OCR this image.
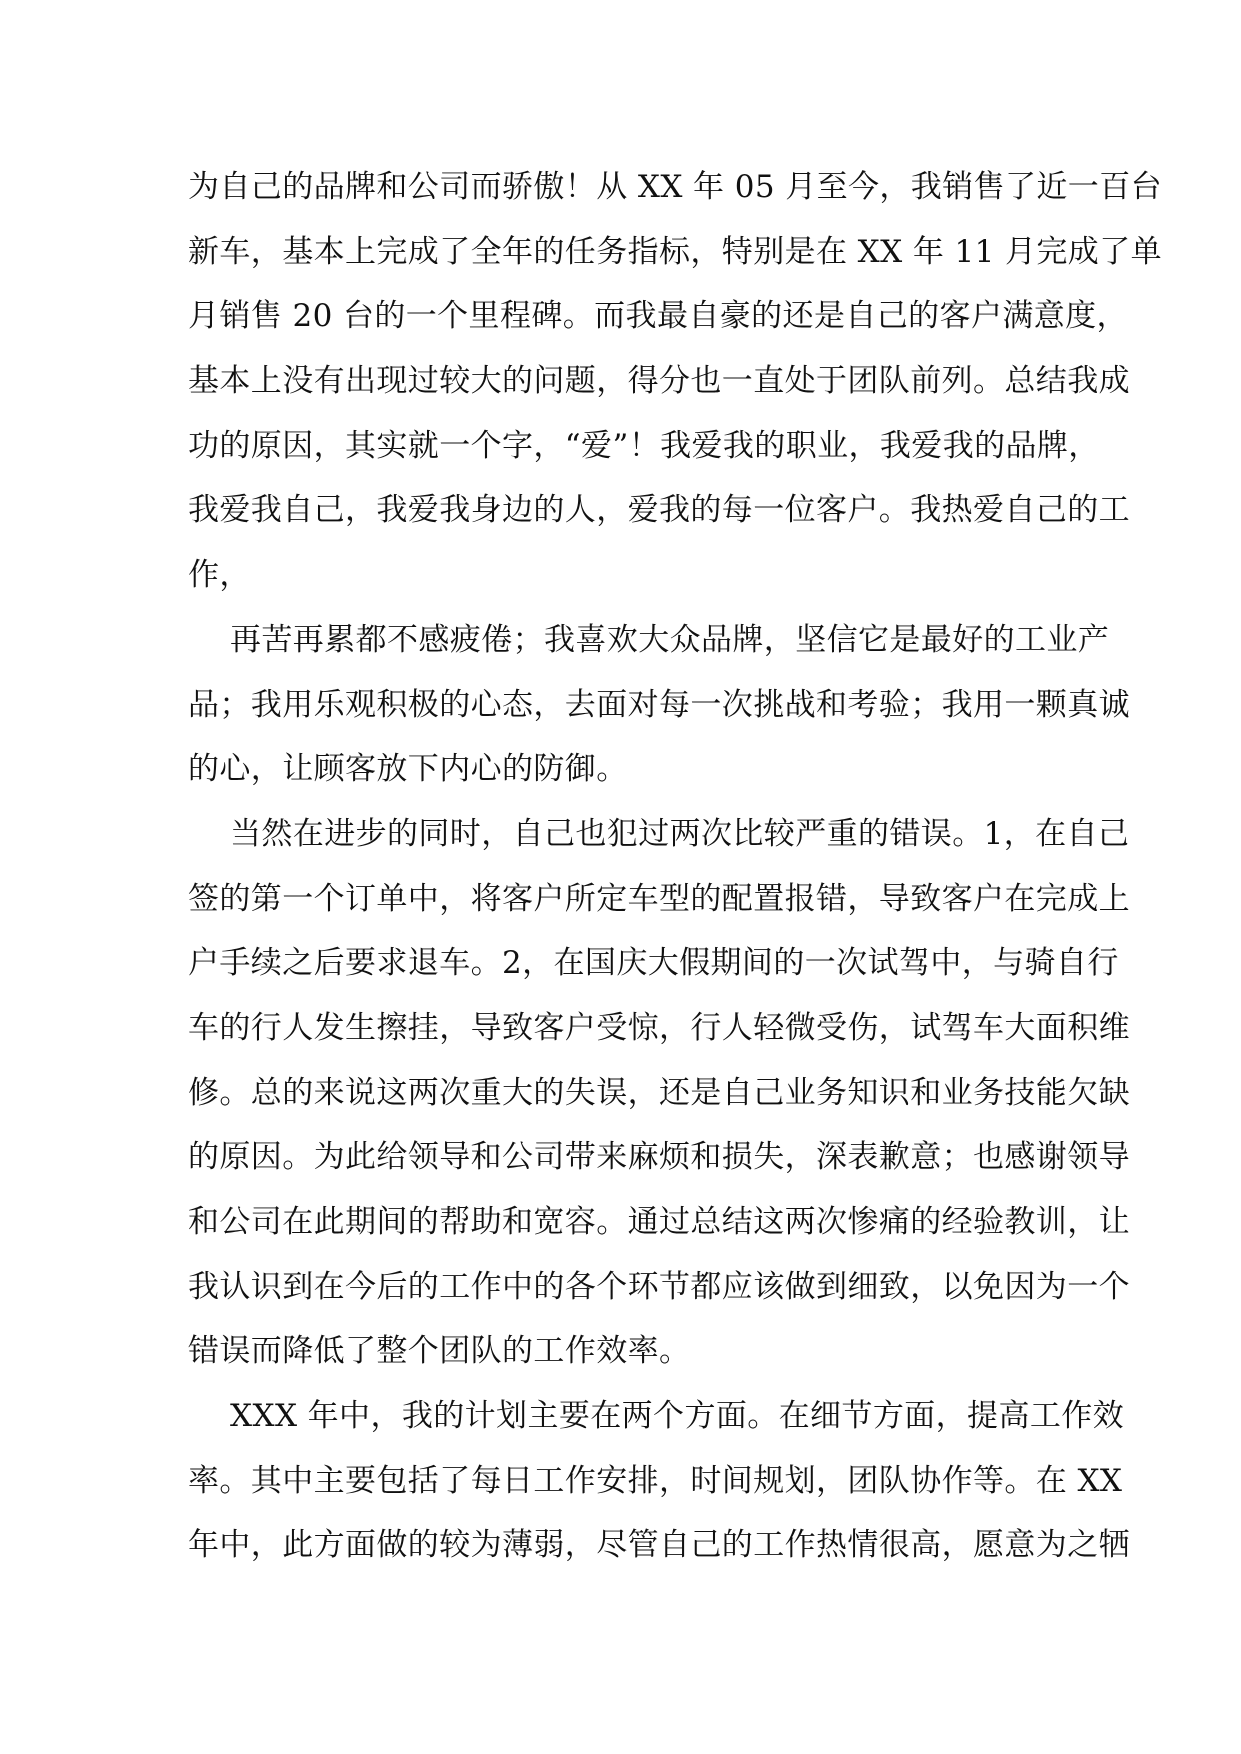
为自己的品牌和公司而骄傲！从 XX 年 05 月至今，我销售了近一百台
新车，基本上完成了全年的任务指标，特别是在 XX 年 11 月完成了单
月销售 20 台的一个里程碑。而我最自豪的还是自己的客户满意度，
基本上没有出现过较大的问题，得分也一直处于团队前列。总结我成
功的原因，其实就一个字，“爱”！我爱我的职业，我爱我的品牌，
我爱我自己，我爱我身边的人，爱我的每一位客户。我热爱自己的工
作，
再苦再累都不感疲倦；我喜欢大众品牌，坚信它是最好的工业产
品；我用乐观积极的心态，去面对每一次挑战和考验；我用一颗真诚
的心，让顾客放下内心的防御。
当然在进步的同时，自己也犯过两次比较严重的错误。1，在自己
签的第一个订单中，将客户所定车型的配置报错，导致客户在完成上
户手续之后要求退车。2，在国庆大假期间的一次试驾中，与骑自行
车的行人发生擦挂，导致客户受惊，行人轻微受伤，试驾车大面积维
修。总的来说这两次重大的失误，还是自己业务知识和业务技能欠缺
的原因。为此给领导和公司带来麻烦和损失，深表歉意；也感谢领导
和公司在此期间的帮助和宽容。通过总结这两次惨痛的经验教训，让
我认识到在今后的工作中的各个环节都应该做到细致，以免因为一个
错误而降低了整个团队的工作效率。
XXX 年中，我的计划主要在两个方面。在细节方面，提高工作效
率。其中主要包括了每日工作安排，时间规划，团队协作等。在 XX
年中，此方面做的较为薄弱，尽管自己的工作热情很高，愿意为之牺
